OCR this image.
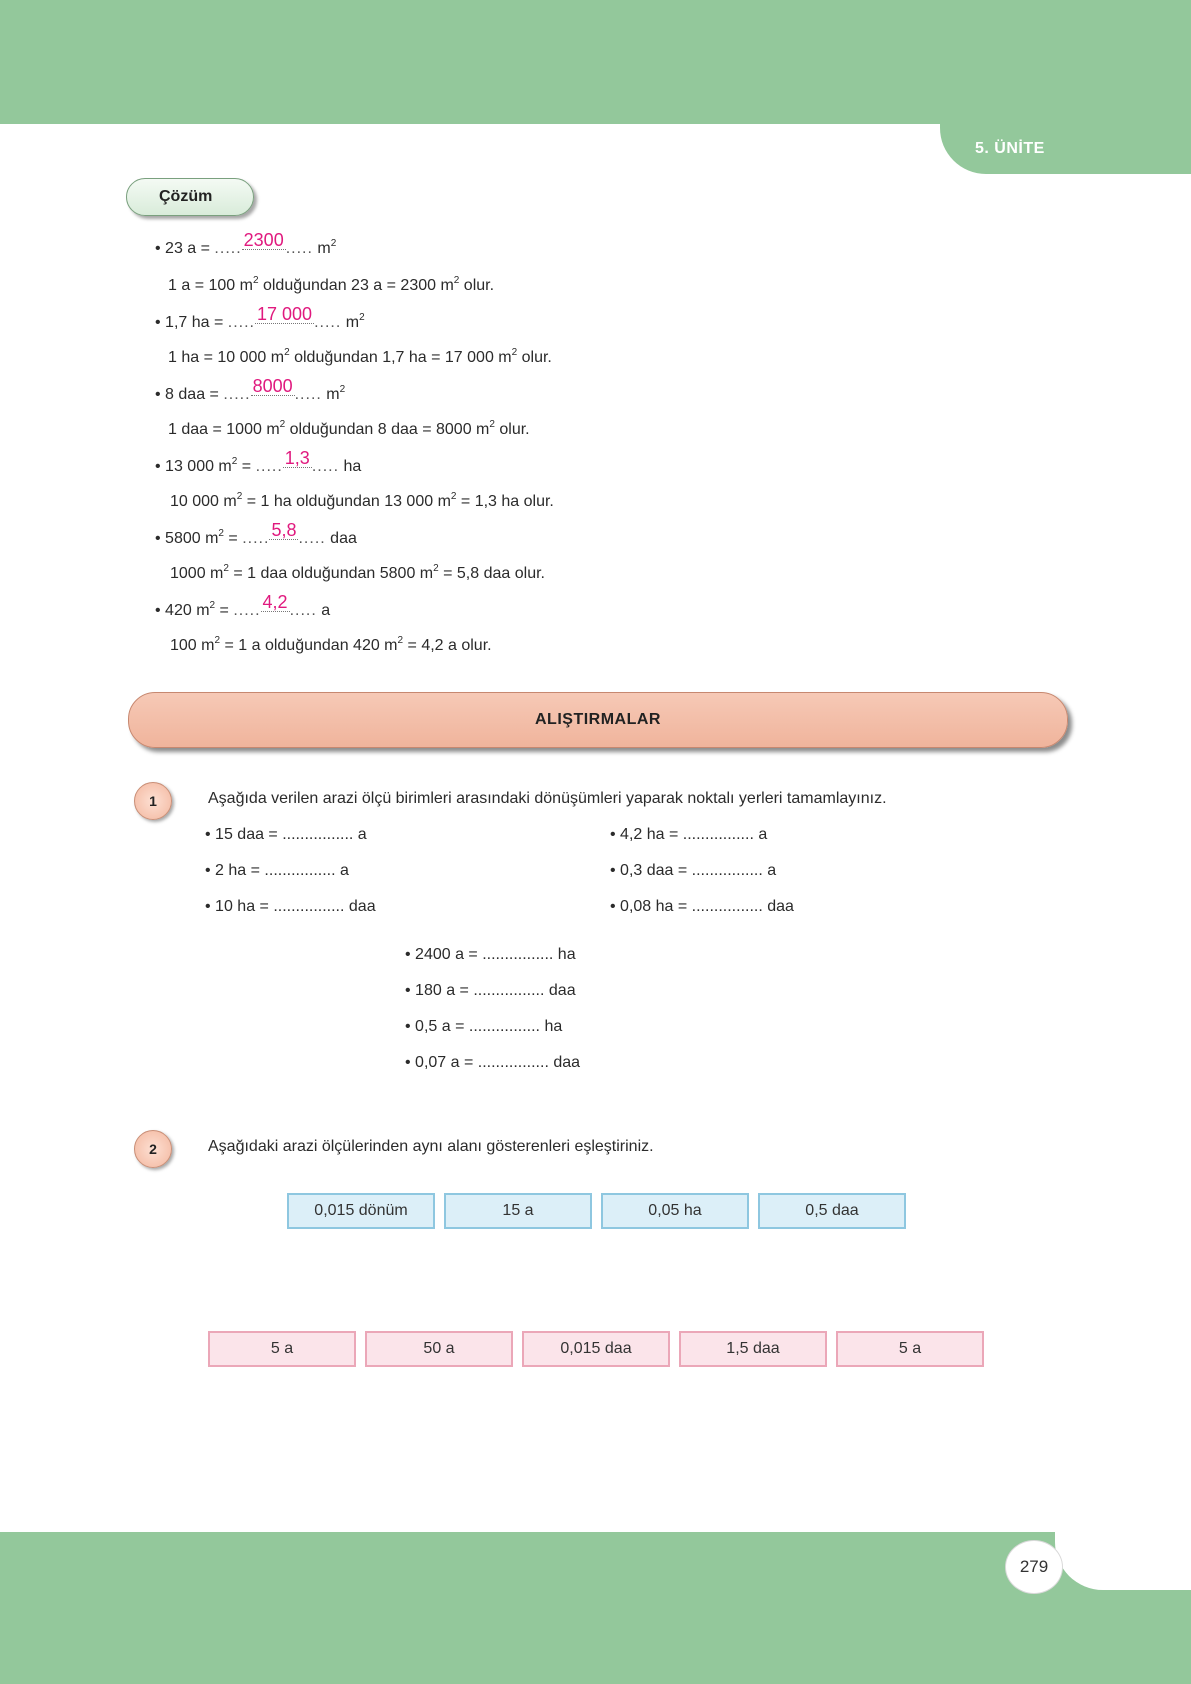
5. ÜNİTE
Çözüm
• 23 a = ..... 2300 ..... $m^2$
1 a = 100 $m^2$ olduğundan 23 a = 2300 $m^2$ olur.
• 1,7 ha = ..... 17 000 ..... $m^2$
1 ha = 10 000 $m^2$ olduğundan 1,7 ha = 17 000 $m^2$ olur.
• 8 daa = ..... 8000 ..... $m^2$
1 daa = 1000 $m^2$ olduğundan 8 daa = 8000 $m^2$ olur.
• 13 000 $m^2$ = ..... 1,3 ..... ha
10 000 $m^2 = 1$ ha olduğundan 13 000 $m^2 = 1,3$ ha olur.
• 5800 $m^2$ = ..... 5,8 ..... daa
1000 $m^2 = 1$ daa olduğundan 5800 $m^2 = 5,8$ daa olur.
• 420 $m^2$ = ..... 4,2 ..... a
100 $m^2 = 1$ a olduğundan 420 $m^2 = 4,2$ a olur.
ALIŞTIRMALAR
1	Aşağıda verilen arazi ölçü birimleri arasındaki dönüşümleri yaparak noktalı yerleri tamamlayınız.
• 15 daa = ................ a
• 2 ha = ................ a
• 10 ha = ................ daa
• 4,2 ha = ................ a
• 0,3 daa = ................ a
• 0,08 ha = ................ daa
• 2400 a = ................ ha
• 180 a = ................ daa
• 0,5 a = ................ ha
• 0,07 a = ................ daa
2	Aşağıdaki arazi ölçülerinden aynı alanı gösterenleri eşleştiriniz.
0,015 dönüm	15 a	0,05 ha	0,5 daa
5 a	50 a	0,015 daa	1,5 daa	5 a
279
